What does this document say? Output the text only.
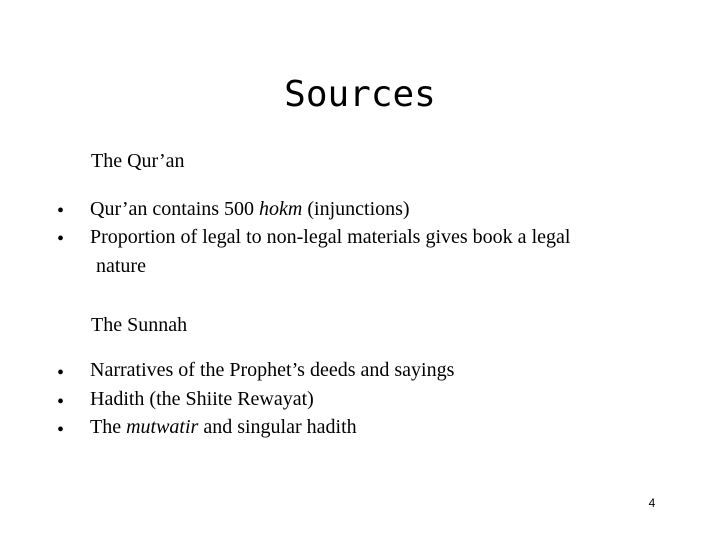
Sources
The Qur’an
• Qur’an contains 500 hokm (injunctions)
• Proportion of legal to non-legal materials gives book a legal
nature
The Sunnah
• Narratives of the Prophet’s deeds and sayings
• Hadith (the Shiite Rewayat)
• The mutwatir and singular hadith
4
